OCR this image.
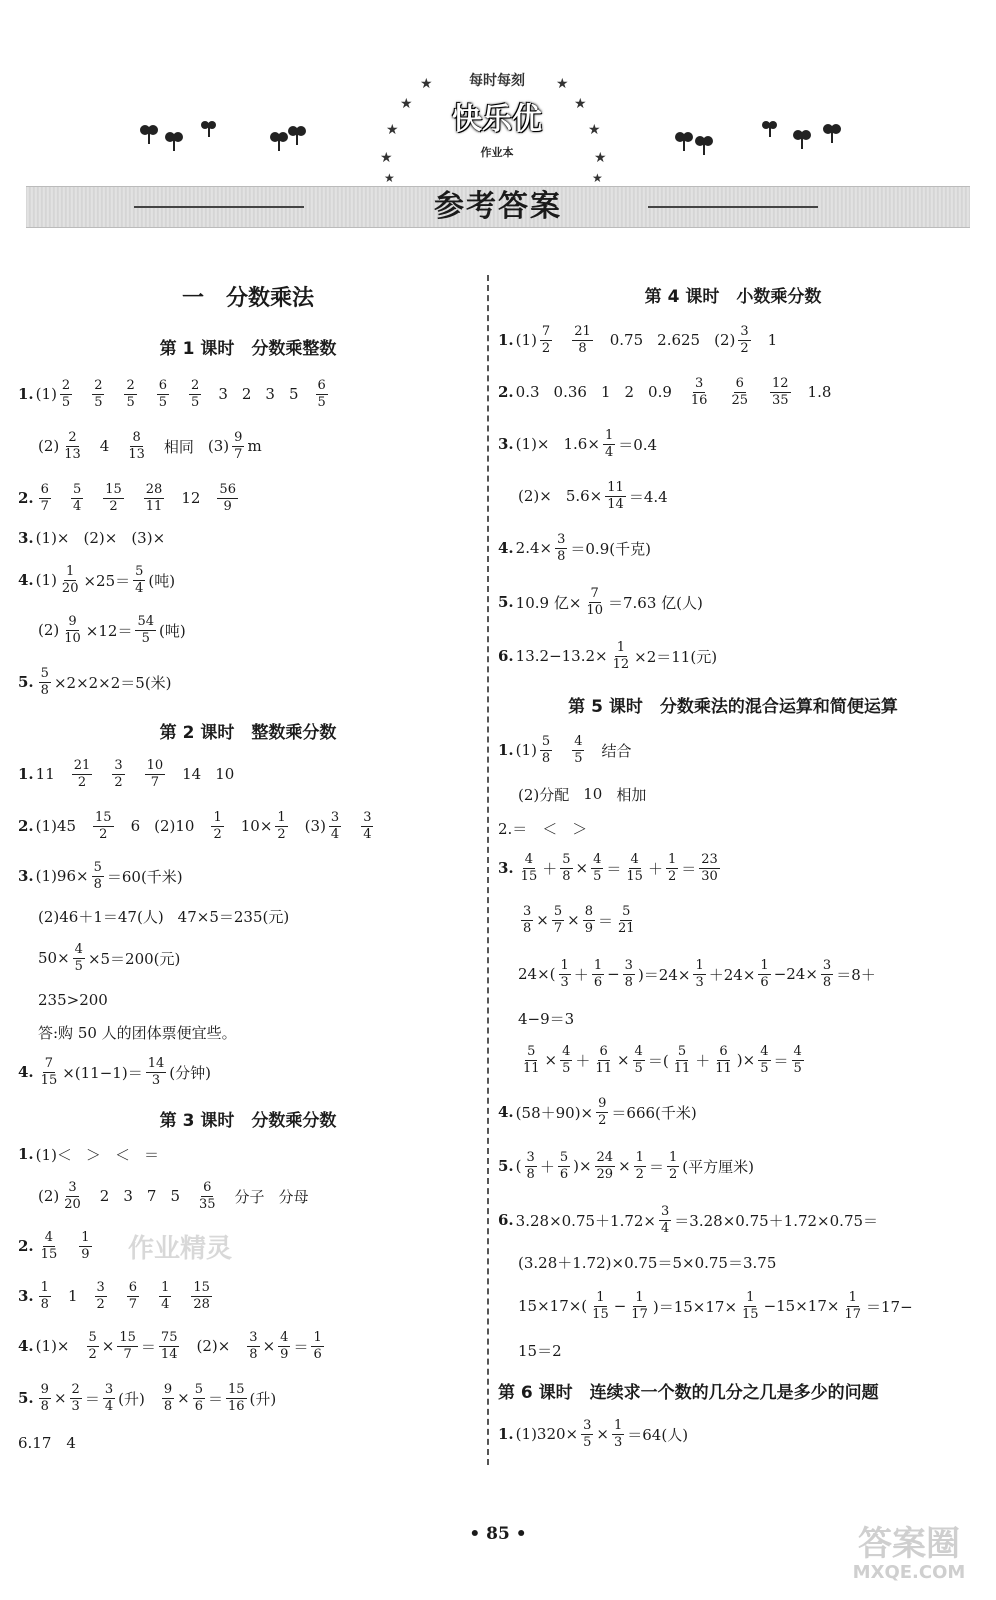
★
★
★
★
★
★
★
★
★
★
每时每刻
快乐优
作业本
参考答案
一　分数乘法
第 1 课时　分数乘整数
1. $(1) \frac{2}{5} \frac{2}{5} \frac{2}{5} \frac{6}{5} \frac{2}{5} 3$ 2 3 $5 \frac{6}{5}$
$(2) \frac{2}{13} 4 \frac{8}{13}$ 相同 $(3) \frac{9}{7}$ m
2. $\frac{6}{7} \frac{5}{4} \frac{15}{2} \frac{28}{11} 12 \frac{56}{9}$
3. (1)× (2)× (3)×
4. $(1) \frac{1}{20} \times 25= \frac{5}{4}$ (吨)
$(2) \frac{9}{10} \times 12= \frac{54}{5}$ (吨)
5. $\frac{5}{8} \times 2\times 2\times 2=5$(米)
第 2 课时　整数乘分数
1. $11 \frac{21}{2} \frac{3}{2} \frac{10}{7} 14$ 10
2. $(1)45 \frac{15}{2} 6$ $(2)10 \frac{1}{2} 10\times \frac{1}{2} (3) \frac{3}{4} \frac{3}{4}$
3. $(1)96\times \frac{5}{8} =60$(千米)
(2)46＋1＝47(人) 47×5＝235(元)
$50\times \frac{4}{5} \times 5=200$(元)
235>200
答:购 50 人的团体票便宜些。
4. $\frac{7}{15} \times(11-1)= \frac{14}{3}$ (分钟)
第 3 课时　分数乘分数
1. (1)＜ ＞ ＜ ＝
$(2) \frac{3}{20} 2$ 3 7 $5 \frac{6}{35}$ 分子 分母
2. $\frac{4}{15} \frac{1}{9}$ 作业精灵
3. $\frac{1}{8} 1 \frac{3}{2} \frac{6}{7} \frac{1}{4} \frac{15}{28}$
4. $(1)\times \frac{5}{2} \times \frac{15}{7} = \frac{75}{14} (2)\times \frac{3}{8} \times \frac{4}{9} = \frac{1}{6}$
5. $\frac{9}{8} \times \frac{2}{3} = \frac{3}{4}$ (升) $\frac{9}{8} \times \frac{5}{6} = \frac{15}{16}$ (升)
6.17　4
第 4 课时　小数乘分数
1. $(1) \frac{7}{2} \frac{21}{8} 0.75$ 2.625 $(2) \frac{3}{2} 1$
2. 0.3 0.36 1 2 $0.9 \frac{3}{16} \frac{6}{25} \frac{12}{35} 1.8$
3. $(1)\times 1.6\times \frac{1}{4} =0.4$
$(2)\times 5.6\times \frac{11}{14} =4.4$
4. $2.4\times \frac{3}{8} =0.9$(千克)
5. 10.9 亿× $\frac{7}{10} =7.63$ 亿(人)
6. $13.2-13.2\times \frac{1}{12} \times 2=11$(元)
第 5 课时　分数乘法的混合运算和简便运算
1. $(1) \frac{5}{8} \frac{4}{5}$ 结合
(2)分配 10 相加
2.＝　＜　＞
3. $\frac{4}{15} + \frac{5}{8} \times \frac{4}{5} = \frac{4}{15} + \frac{1}{2} = \frac{23}{30}$
$\frac{3}{8} \times \frac{5}{7} \times \frac{8}{9} = \frac{5}{21}$
$24\times( \frac{1}{3} + \frac{1}{6} - \frac{3}{8} )=24\times \frac{1}{3} +24\times \frac{1}{6} -24\times \frac{3}{8} =8+$
4−9＝3
$\frac{5}{11} \times \frac{4}{5} + \frac{6}{11} \times \frac{4}{5}$ ＝( $\frac{5}{11} + \frac{6}{11}$ )× $\frac{4}{5} = \frac{4}{5}$
4. $(58+90)\times \frac{9}{2} =666$(千米)
5. ( $\frac{3}{8} + \frac{5}{6}$ )× $\frac{24}{29} \times \frac{1}{2} = \frac{1}{2}$ (平方厘米)
6. $3.28\times 0.75+1.72\times \frac{3}{4} =3.28\times 0.75+1.72\times 0.75=$
(3.28＋1.72)×0.75＝5×0.75＝3.75
$15\times 17\times( \frac{1}{15} - \frac{1}{17} )=15\times 17\times \frac{1}{15} -15\times 17\times \frac{1}{17} =17-$
15＝2
第 6 课时　连续求一个数的几分之几是多少的问题
1. $(1)320\times \frac{3}{5} \times \frac{1}{3} =64$(人)
• 85 •	答案圈
MXQE.COM
